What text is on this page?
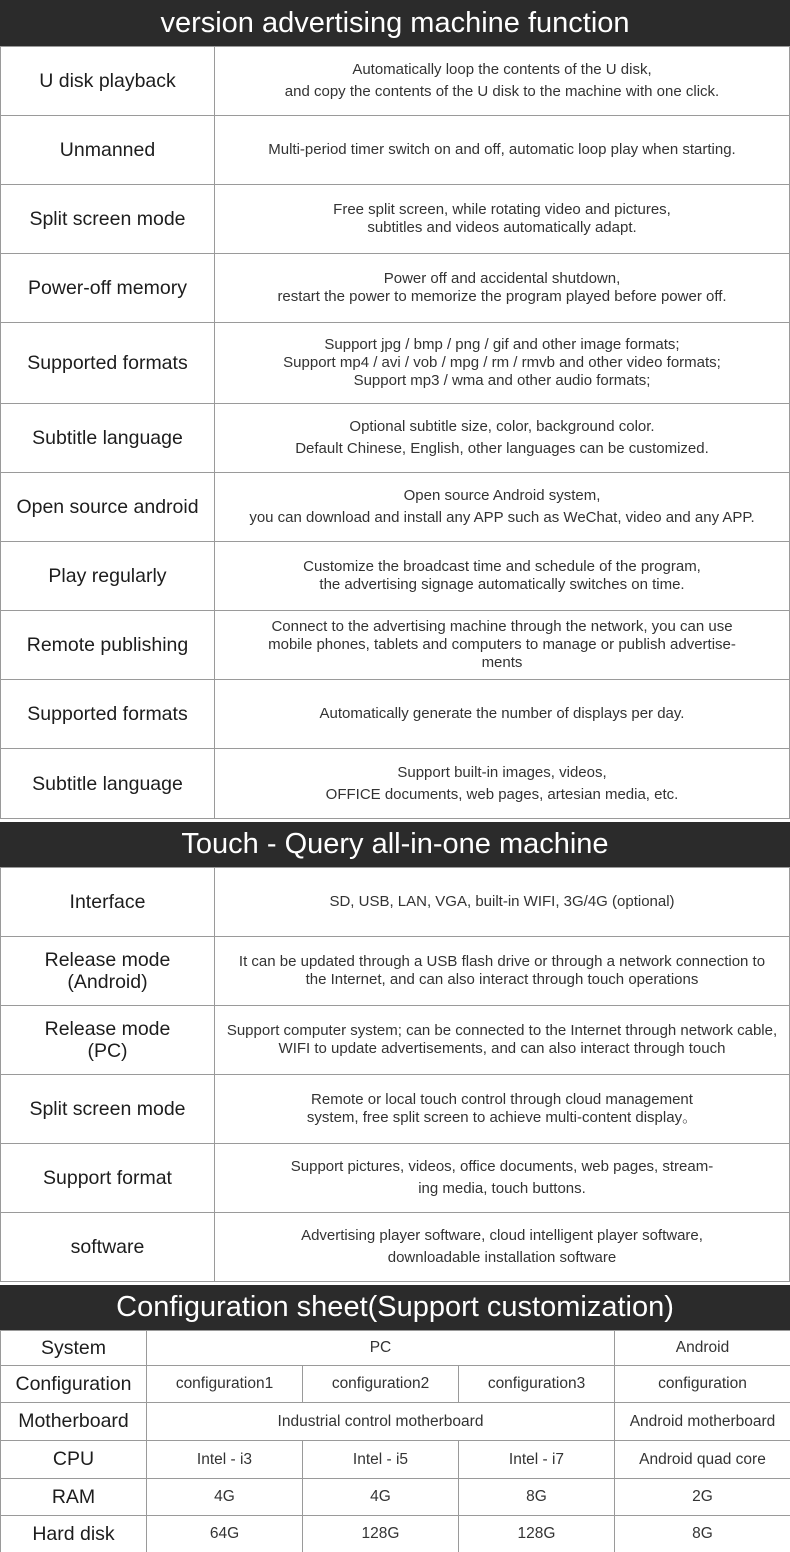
version advertising machine function
U disk playback	Automatically loop the contents of the U disk,
and copy the contents of the U disk to the machine with one click.

Unmanned	Multi-period timer switch on and off, automatic loop play when starting.

Split screen mode	Free split screen, while rotating video and pictures,
subtitles and videos automatically adapt.

Power-off memory	Power off and accidental shutdown,
restart the power to memorize the program played before power off.

Supported formats	Support jpg / bmp / png / gif and other image formats;
Support mp4 / avi / vob / mpg / rm / rmvb and other video formats;
Support mp3 / wma and other audio formats;

Subtitle language	Optional subtitle size, color, background color.
Default Chinese, English, other languages can be customized.

Open source android	Open source Android system,
you can download and install any APP such as WeChat, video and any APP.

Play regularly	Customize the broadcast time and schedule of the program,
the advertising signage automatically switches on time.

Remote publishing	Connect to the advertising machine through the network, you can use
mobile phones, tablets and computers to manage or publish advertise-
ments

Supported formats	Automatically generate the number of displays per day.

Subtitle language	Support built-in images, videos,
OFFICE documents, web pages, artesian media, etc.
Touch - Query all-in-one machine
Interface	SD, USB, LAN, VGA, built-in WIFI, 3G/4G (optional)

Release mode
(Android)	It can be updated through a USB flash drive or through a network connection to
the Internet, and can also interact through touch operations

Release mode
(PC)	Support computer system; can be connected to the Internet through network cable,
WIFI to update advertisements, and can also interact through touch

Split screen mode	Remote or local touch control through cloud management
system, free split screen to achieve multi-content display。

Support format	Support pictures, videos, office documents, web pages, stream-
ing media, touch buttons.

software	Advertising player software, cloud intelligent player software,
downloadable installation software
Configuration sheet(Support customization)
System	PC			Android
Configuration	configuration1	configuration2	configuration3	configuration
Motherboard	Industrial control motherboard			Android motherboard
CPU	Intel - i3	Intel - i5	Intel - i7	Android quad core
RAM	4G	4G	8G	2G
Hard disk	64G	128G	128G	8G
